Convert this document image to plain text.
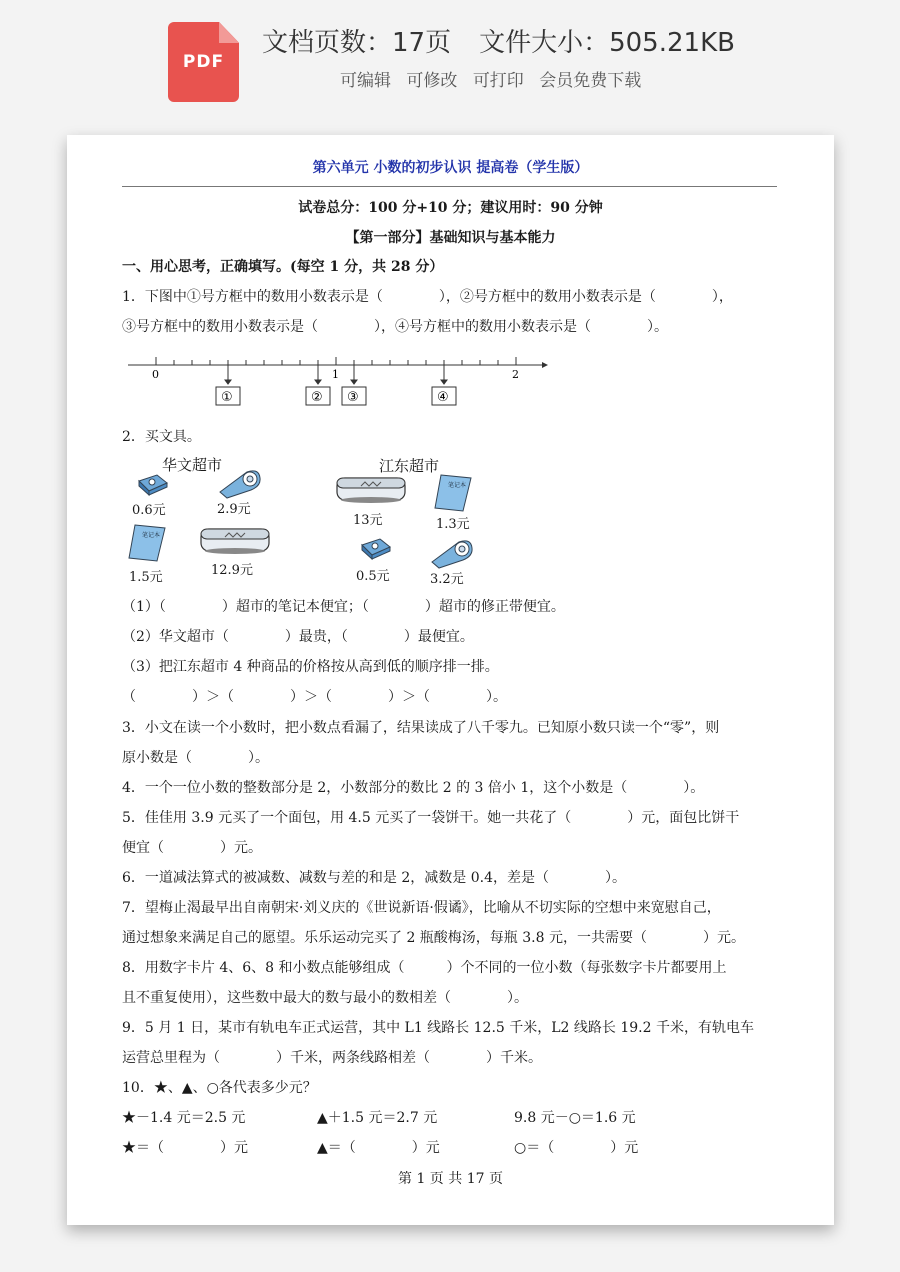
PDF
文档页数：17页 文件大小：505.21KB
可编辑 可修改 可打印 会员免费下载
第六单元 小数的初步认识 提高卷（学生版）
试卷总分：100 分+10 分；建议用时：90 分钟
【第一部分】基础知识与基本能力
一、用心思考，正确填写。(每空 1 分，共 28 分）
1．下图中①号方框中的数用小数表示是（　　　　），②号方框中的数用小数表示是（　　　　），
③号方框中的数用小数表示是（　　　　），④号方框中的数用小数表示是（　　　　）。
0	1	2
①	② ③	④
2．买文具。
华文超市	江东超市
0.6元	2.9元
笔记本
1.5元	12.9元
13元
笔记本
1.3元
0.5元	3.2元
（1）（　　　　）超市的笔记本便宜；（　　　　）超市的修正带便宜。
（2）华文超市（　　　　）最贵，（　　　　）最便宜。
（3）把江东超市 4 种商品的价格按从高到低的顺序排一排。
（　　　　）＞（　　　　）＞（　　　　）＞（　　　　）。
3．小文在读一个小数时，把小数点看漏了，结果读成了八千零九。已知原小数只读一个“零”，则
原小数是（　　　　）。
4．一个一位小数的整数部分是 2，小数部分的数比 2 的 3 倍小 1，这个小数是（　　　　）。
5．佳佳用 3.9 元买了一个面包，用 4.5 元买了一袋饼干。她一共花了（　　　　）元，面包比饼干
便宜（　　　　）元。
6．一道减法算式的被减数、减数与差的和是 2，减数是 0.4，差是（　　　　）。
7．望梅止渴最早出自南朝宋·刘义庆的《世说新语·假谲》，比喻从不切实际的空想中来宽慰自己，
通过想象来满足自己的愿望。乐乐运动完买了 2 瓶酸梅汤，每瓶 3.8 元，一共需要（　　　　）元。
8．用数字卡片 4、6、8 和小数点能够组成（　　　）个不同的一位小数（每张数字卡片都要用上
且不重复使用），这些数中最大的数与最小的数相差（　　　　）。
9．5 月 1 日，某市有轨电车正式运营，其中 L1 线路长 12.5 千米，L2 线路长 19.2 千米，有轨电车
运营总里程为（　　　　）千米，两条线路相差（　　　　）千米。
10．★、▲、○各代表多少元？
★－1.4 元＝2.5 元	▲＋1.5 元＝2.7 元	9.8 元－○＝1.6 元
★＝（　　　　）元	▲＝（　　　　）元	○＝（　　　　）元
第 1 页 共 17 页
